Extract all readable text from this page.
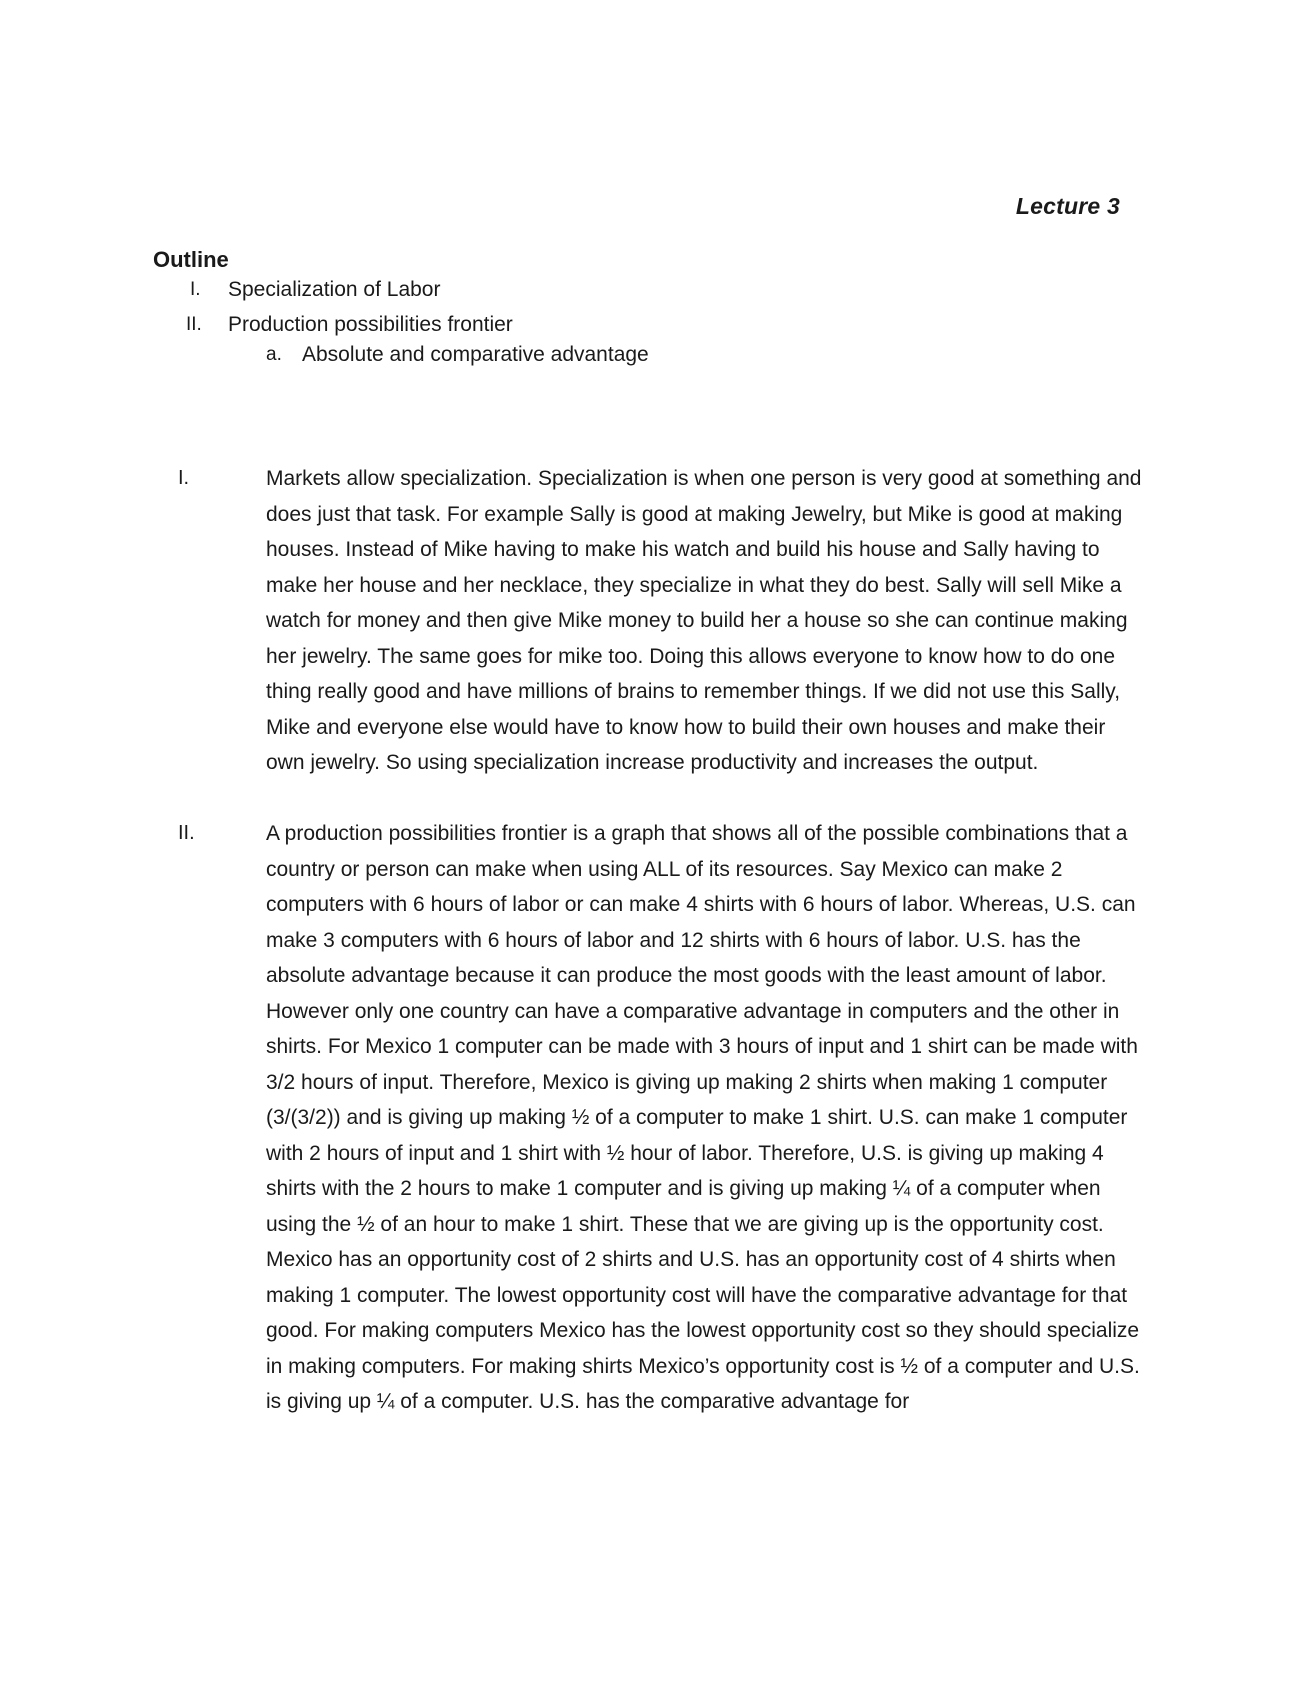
Lecture 3
Outline
I. Specialization of Labor
II. Production possibilities frontier
a. Absolute and comparative advantage
I.	Markets allow specialization. Specialization is when one person is very good at something and does just that task. For example Sally is good at making Jewelry, but Mike is good at making houses. Instead of Mike having to make his watch and build his house and Sally having to make her house and her necklace, they specialize in what they do best. Sally will sell Mike a watch for money and then give Mike money to build her a house so she can continue making her jewelry. The same goes for mike too. Doing this allows everyone to know how to do one thing really good and have millions of brains to remember things. If we did not use this Sally, Mike and everyone else would have to know how to build their own houses and make their own jewelry. So using specialization increase productivity and increases the output.
II.	A production possibilities frontier is a graph that shows all of the possible combinations that a country or person can make when using ALL of its resources. Say Mexico can make 2 computers with 6 hours of labor or can make 4 shirts with 6 hours of labor. Whereas, U.S. can make 3 computers with 6 hours of labor and 12 shirts with 6 hours of labor. U.S. has the absolute advantage because it can produce the most goods with the least amount of labor. However only one country can have a comparative advantage in computers and the other in shirts. For Mexico 1 computer can be made with 3 hours of input and 1 shirt can be made with 3/2 hours of input. Therefore, Mexico is giving up making 2 shirts when making 1 computer (3/(3/2)) and is giving up making ½ of a computer to make 1 shirt. U.S. can make 1 computer with 2 hours of input and 1 shirt with ½ hour of labor. Therefore, U.S. is giving up making 4 shirts with the 2 hours to make 1 computer and is giving up making ¼ of a computer when using the ½ of an hour to make 1 shirt. These that we are giving up is the opportunity cost. Mexico has an opportunity cost of 2 shirts and U.S. has an opportunity cost of 4 shirts when making 1 computer. The lowest opportunity cost will have the comparative advantage for that good. For making computers Mexico has the lowest opportunity cost so they should specialize in making computers. For making shirts Mexico’s opportunity cost is ½ of a computer and U.S. is giving up ¼ of a computer. U.S. has the comparative advantage for
